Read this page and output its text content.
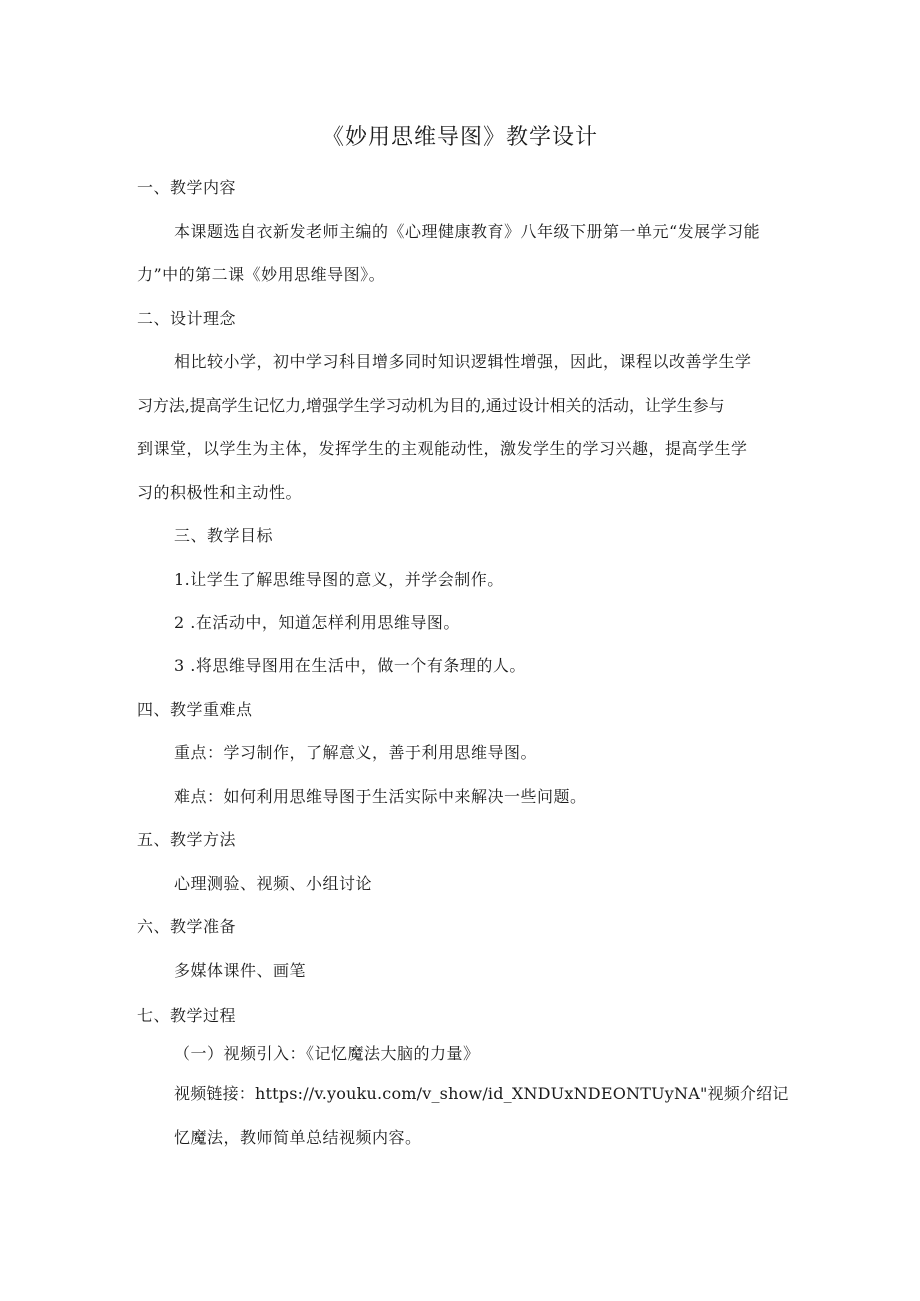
《妙用思维导图》教学设计
一、教学内容
本课题选自衣新发老师主编的《心理健康教育》八年级下册第一单元“发展学习能
力”中的第二课《妙用思维导图》。
二、设计理念
相比较小学，初中学习科目增多同时知识逻辑性增强，因此，课程以改善学生学
习方法,提高学生记忆力,增强学生学习动机为目的,通过设计相关的活动，让学生参与
到课堂，以学生为主体，发挥学生的主观能动性，激发学生的学习兴趣，提高学生学
习的积极性和主动性。
三、教学目标
1.让学生了解思维导图的意义，并学会制作。
2 .在活动中，知道怎样利用思维导图。
3 .将思维导图用在生活中，做一个有条理的人。
四、教学重难点
重点：学习制作，了解意义，善于利用思维导图。
难点：如何利用思维导图于生活实际中来解决一些问题。
五、教学方法
心理测验、视频、小组讨论
六、教学准备
多媒体课件、画笔
七、教学过程
（一）视频引入：《记忆魔法大脑的力量》
视频链接：https://v.youku.com/v_show/id_XNDUxNDEONTUyNA"视频介绍记
忆魔法，教师简单总结视频内容。
